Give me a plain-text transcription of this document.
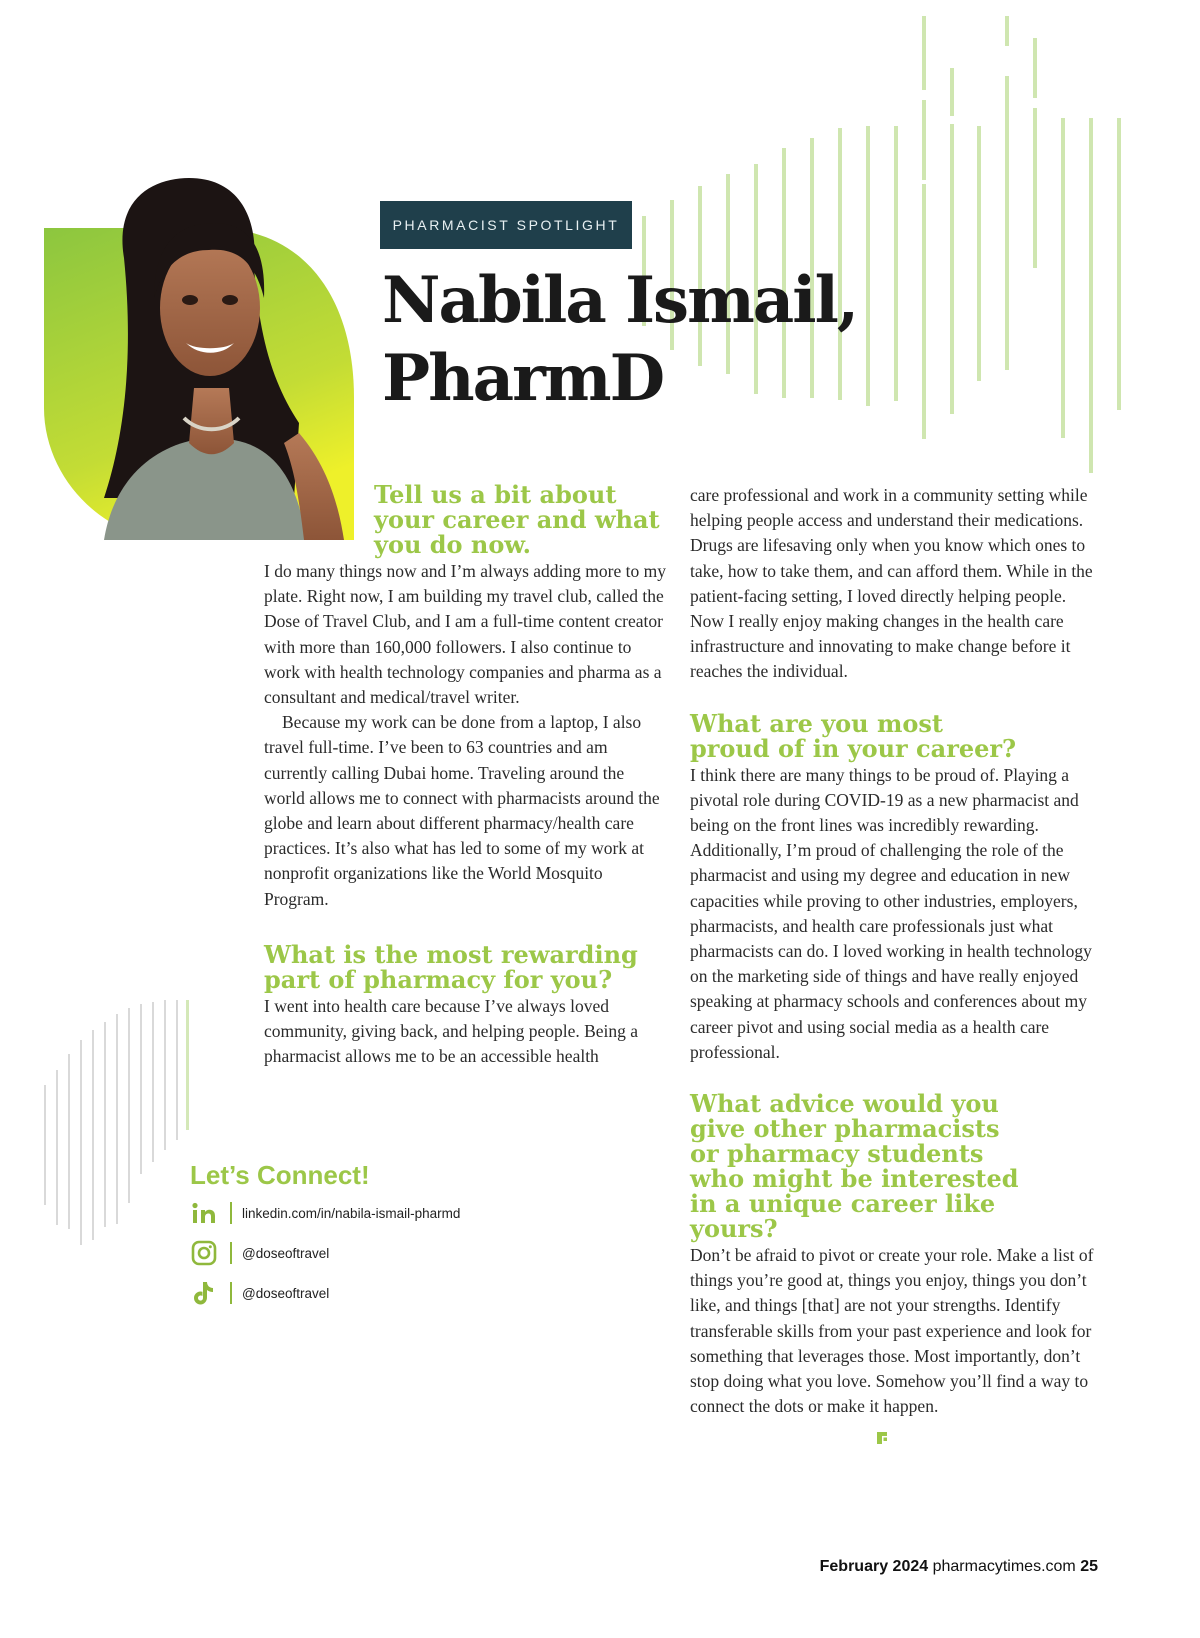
PHARMACIST SPOTLIGHT
Nabila Ismail,
PharmD
Tell us a bit about your career and what you do now.

I do many things now and I’m always adding more to my plate. Right now, I am building my travel club, called the Dose of Travel Club, and I am a full-time content creator with more than 160,000 followers. I also continue to work with health technology companies and pharma as a consultant and medical/travel writer.

Because my work can be done from a laptop, I also travel full-time. I’ve been to 63 countries and am currently calling Dubai home. Traveling around the world allows me to connect with pharmacists around the globe and learn about different pharmacy/health care practices. It’s also what has led to some of my work at nonprofit organizations like the World Mosquito Program.

What is the most rewarding part of pharmacy for you?

I went into health care because I’ve always loved community, giving back, and helping people. Being a pharmacist allows me to be an accessible health

care professional and work in a community setting while helping people access and understand their medications. Drugs are lifesaving only when you know which ones to take, how to take them, and can afford them. While in the patient-facing setting, I loved directly helping people. Now I really enjoy making changes in the health care infrastructure and innovating to make change before it reaches the individual.

What are you most proud of in your career?

I think there are many things to be proud of. Playing a pivotal role during COVID-19 as a new pharmacist and being on the front lines was incredibly rewarding. Additionally, I’m proud of challenging the role of the pharmacist and using my degree and education in new capacities while proving to other industries, employers, pharmacists, and health care professionals just what pharmacists can do. I loved working in health technology on the marketing side of things and have really enjoyed speaking at pharmacy schools and conferences about my career pivot and using social media as a health care professional.

What advice would you give other pharmacists or pharmacy students who might be interested in a unique career like yours?

Don’t be afraid to pivot or create your role. Make a list of things you’re good at, things you enjoy, things you don’t like, and things [that] are not your strengths. Identify transferable skills from your past experience and look for something that leverages those. Most importantly, don’t stop doing what you love. Somehow you’ll find a way to connect the dots or make it happen.

Let’s Connect!
linkedin.com/in/nabila-ismail-pharmd
@doseoftravel
@doseoftravel
February 2024 pharmacytimes.com 25
